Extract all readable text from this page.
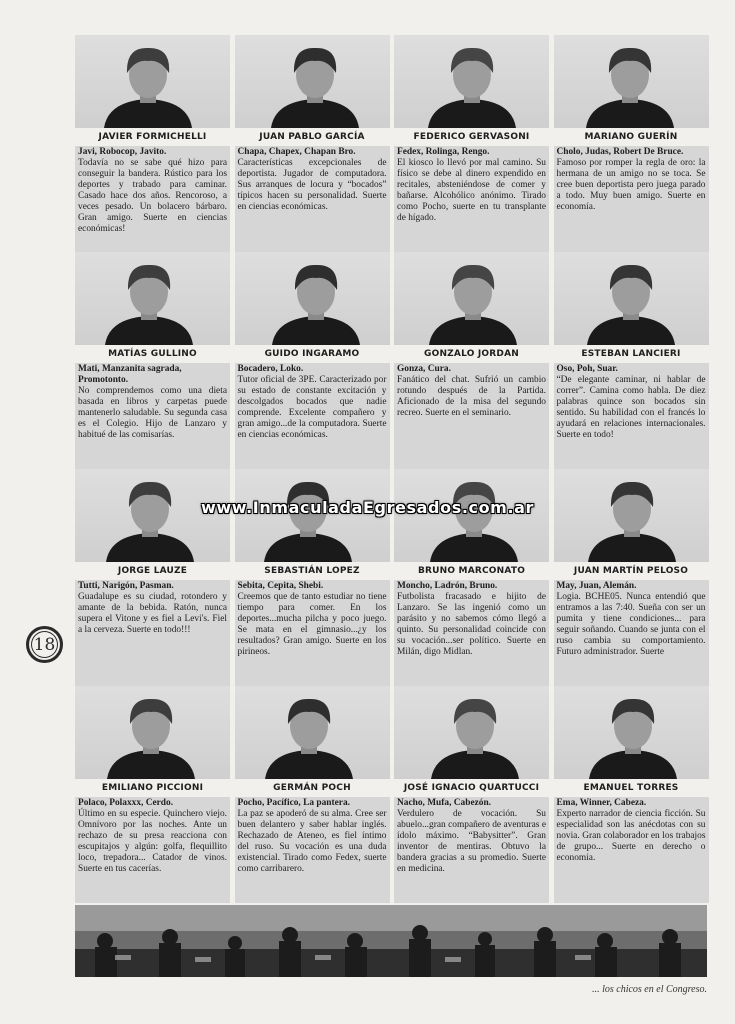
JAVIER FORMICHELLI
Javi, Robocop, Javito.
Todavía no se sabe qué hizo para conseguir la bandera. Rústico para los deportes y trabado para caminar. Casado hace dos años. Rencoroso, a veces pesado. Un bolacero bárbaro. Gran amigo. Suerte en ciencias económicas!
JUAN PABLO GARCÍA
Chapa, Chapex, Chapan Bro.
Características excepcionales de deportista. Jugador de computadora. Sus arranques de locura y “bocados” típicos hacen su personalidad. Suerte en ciencias económicas.
FEDERICO GERVASONI
Fedex, Rolinga, Rengo.
El kiosco lo llevó por mal camino. Su físico se debe al dinero expendido en recitales, absteniéndose de comer y bañarse. Alcohólico anónimo. Tirado como Pocho, suerte en tu transplante de hígado.
MARIANO GUERÍN
Cholo, Judas, Robert De Bruce.
Famoso por romper la regla de oro: la hermana de un amigo no se toca. Se cree buen deportista pero juega parado a todo. Muy buen amigo. Suerte en economía.
MATÍAS GULLINO
Mati, Manzanita sagrada, Promotonto.
No comprendemos como una dieta basada en libros y carpetas puede mantenerlo saludable. Su segunda casa es el Colegio. Hijo de Lanzaro y habitué de las comisarías.
GUIDO INGARAMO
Bocadero, Loko.
Tutor oficial de 3PE. Caracterizado por su estado de constante excitación y descolgados bocados que nadie comprende. Excelente compañero y gran amigo...de la computadora. Suerte en ciencias económicas.
GONZALO JORDAN
Gonza, Cura.
Fanático del chat. Sufrió un cambio rotundo después de la Partida. Aficionado de la misa del segundo recreo. Suerte en el seminario.
ESTEBAN LANCIERI
Oso, Poh, Suar.
“De elegante caminar, ni hablar de correr”. Camina como habla. De diez palabras quince son bocados sin sentido. Su habilidad con el francés lo ayudará en relaciones internacionales. Suerte en todo!
JORGE LAUZE
Tutti, Narigón, Pasman.
Guadalupe es su ciudad, rotondero y amante de la bebida. Ratón, nunca supera el Vitone y es fiel a Levi's. Fiel a la cerveza. Suerte en todo!!!
SEBASTIÁN LOPEZ
Sebita, Cepita, Shebi.
Creemos que de tanto estudiar no tiene tiempo para comer. En los deportes...mucha pilcha y poco juego. Se mata en el gimnasio...¿y los resultados? Gran amigo. Suerte en los pirineos.
BRUNO MARCONATO
Moncho, Ladrón, Bruno.
Futbolista fracasado e hijito de Lanzaro. Se las ingenió como un parásito y no sabemos cómo llegó a quinto. Su personalidad coincide con su vocación...ser político. Suerte en Milán, digo Midlan.
JUAN MARTÍN PELOSO
May, Juan, Alemán.
Logia. BCHE05. Nunca entendió que entramos a las 7:40. Sueña con ser un pumita y tiene condiciones... para seguir soñando. Cuando se junta con el ruso cambia su comportamiento. Futuro administrador. Suerte
EMILIANO PICCIONI
Polaco, Polaxxx, Cerdo.
Último en su especie. Quinchero viejo. Omnívoro por las noches. Ante un rechazo de su presa reacciona con escupitajos y algún: golfa, flequillito loco, trepadora... Catador de vinos. Suerte en tus cacerías.
GERMÁN POCH
Pocho, Pacífico, La pantera.
La paz se apoderó de su alma. Cree ser buen delantero y saber hablar inglés. Rechazado de Ateneo, es fiel íntimo del ruso. Su vocación es una duda existencial. Tirado como Fedex, suerte como carribarero.
JOSÉ IGNACIO QUARTUCCI
Nacho, Mufa, Cabezón.
Verdulero de vocación. Su abuelo...gran compañero de aventuras e ídolo máximo. “Babysitter”. Gran inventor de mentiras. Obtuvo la bandera gracias a su promedio. Suerte en medicina.
EMANUEL TORRES
Ema, Winner, Cabeza.
Experto narrador de ciencia ficción. Su especialidad son las anécdotas con su novia. Gran colaborador en los trabajos de grupo... Suerte en derecho o economía.
www.InmaculadaEgresados.com.ar
18
... los chicos en el Congreso.
